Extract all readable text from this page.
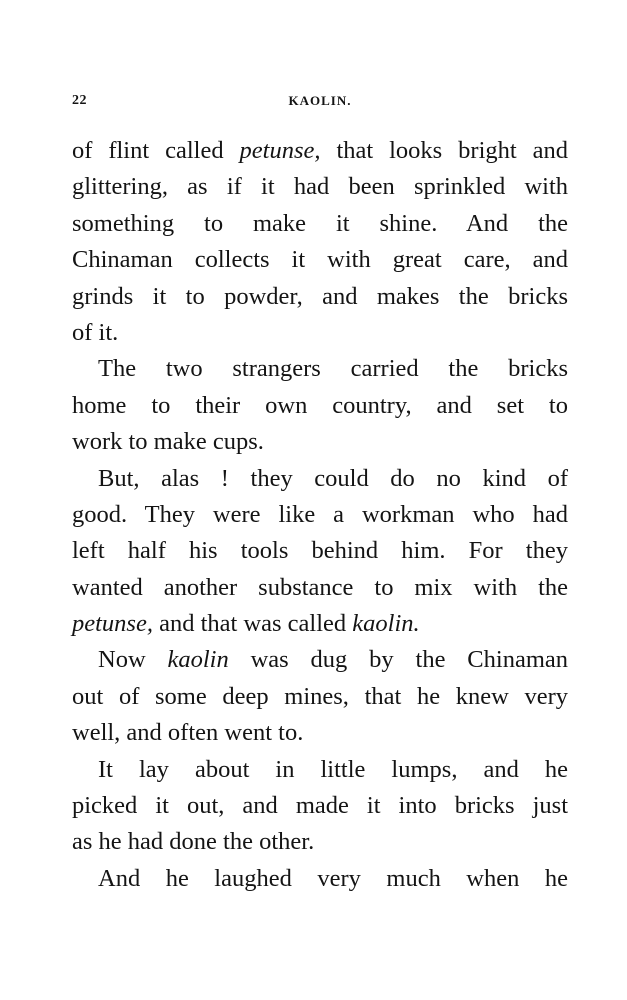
22	KAOLIN.
of flint called petunse, that looks bright and
glittering, as if it had been sprinkled with
something to make it shine. And the
Chinaman collects it with great care, and
grinds it to powder, and makes the bricks
of it.
The two strangers carried the bricks
home to their own country, and set to
work to make cups.
But, alas ! they could do no kind of
good. They were like a workman who had
left half his tools behind him. For they
wanted another substance to mix with the
petunse, and that was called kaolin.
Now kaolin was dug by the Chinaman
out of some deep mines, that he knew very
well, and often went to.
It lay about in little lumps, and he
picked it out, and made it into bricks just
as he had done the other.
And he laughed very much when he
